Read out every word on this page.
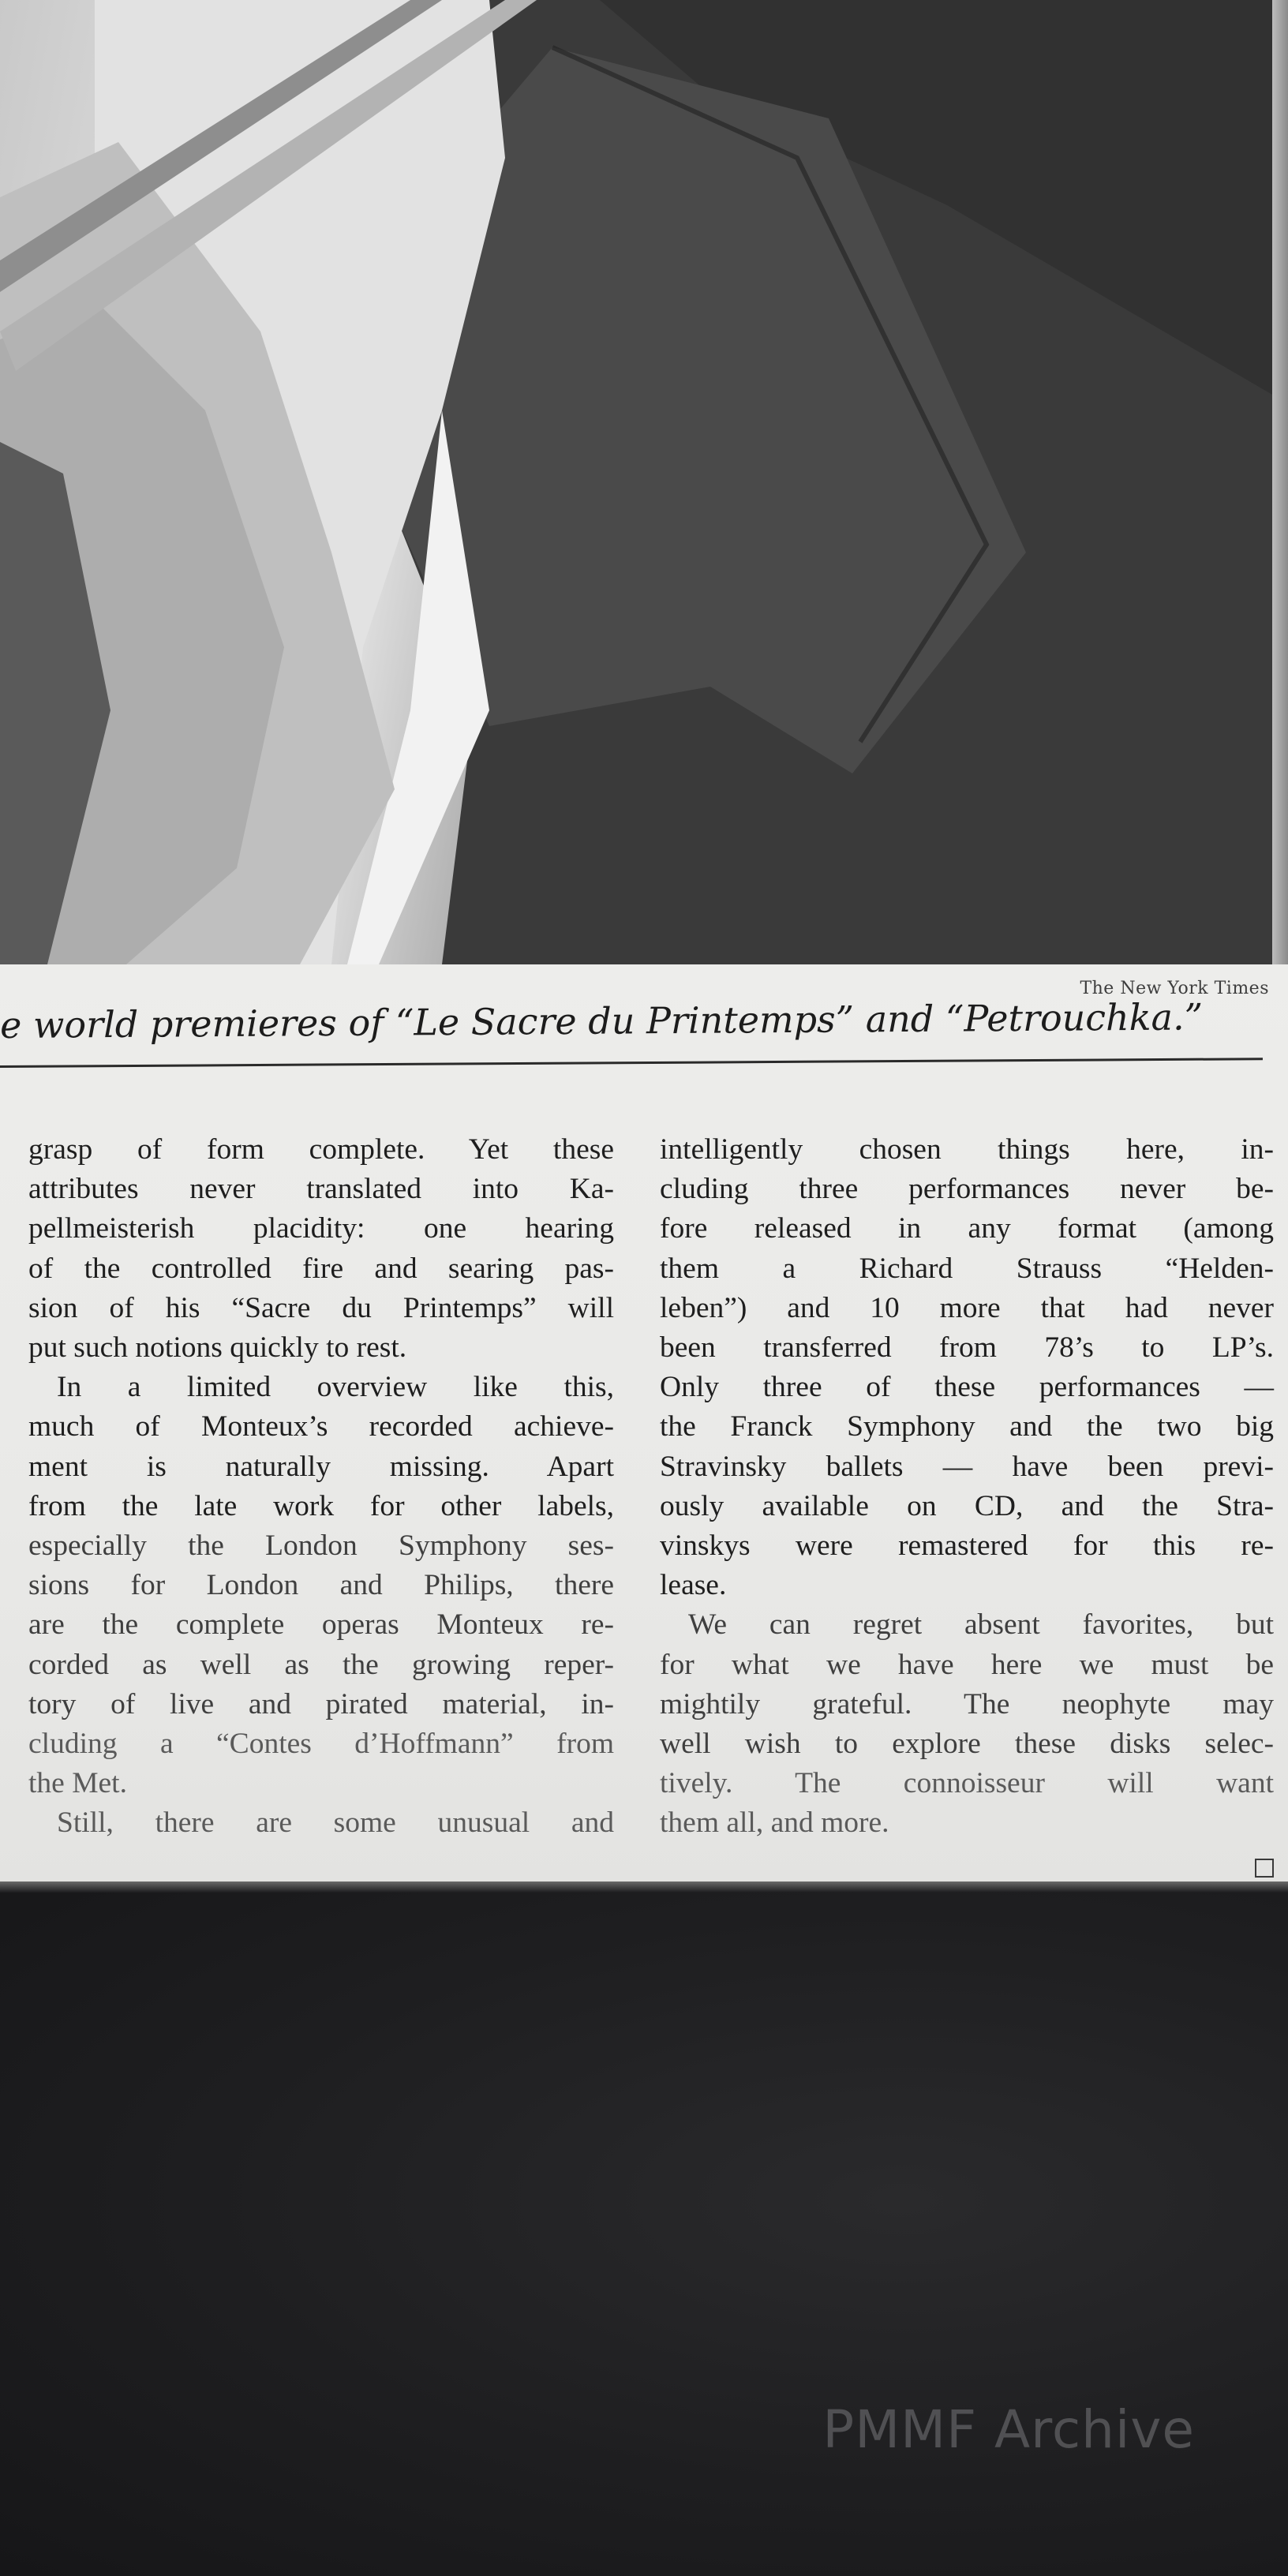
The New York Times
e world premieres of “Le Sacre du Printemps” and “Petrouchka.”
grasp of form complete. Yet these
attributes never translated into Ka-
pellmeisterish placidity: one hearing
of the controlled fire and searing pas-
sion of his “Sacre du Printemps” will
put such notions quickly to rest.
In a limited overview like this,
much of Monteux’s recorded achieve-
ment is naturally missing. Apart
from the late work for other labels,
especially the London Symphony ses-
sions for London and Philips, there
are the complete operas Monteux re-
corded as well as the growing reper-
tory of live and pirated material, in-
cluding a “Contes d’Hoffmann” from
the Met.
Still, there are some unusual and
intelligently chosen things here, in-
cluding three performances never be-
fore released in any format (among
them a Richard Strauss “Helden-
leben”) and 10 more that had never
been transferred from 78’s to LP’s.
Only three of these performances —
the Franck Symphony and the two big
Stravinsky ballets — have been previ-
ously available on CD, and the Stra-
vinskys were remastered for this re-
lease.
We can regret absent favorites, but
for what we have here we must be
mightily grateful. The neophyte may
well wish to explore these disks selec-
tively. The connoisseur will want
them all, and more.
PMMF Archive
